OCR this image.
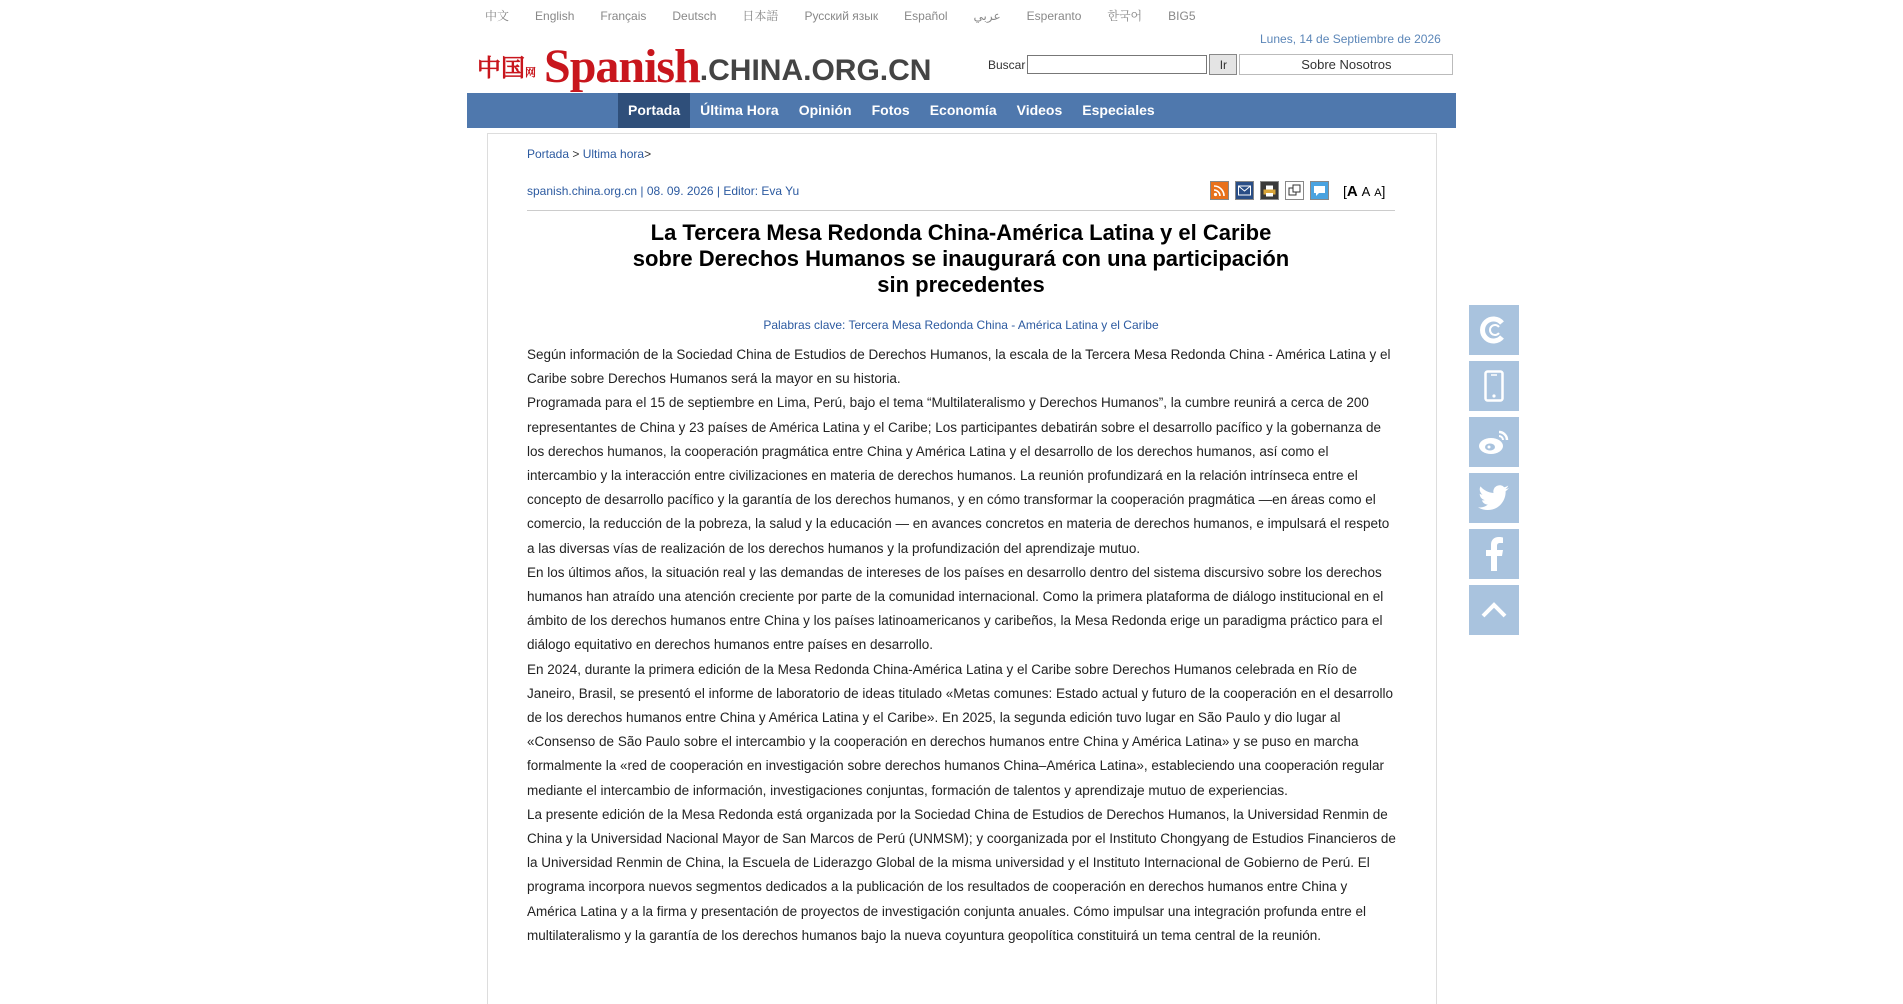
中文 English Français Deutsch 日本語 Русский язык Español عربي Esperanto 한국어 BIG5
Lunes, 14 de Septiembre de 2026
中国网 Spanish .CHINA.ORG.CN	Buscar	Ir	Sobre Nosotros
Portada	Última Hora	Opinión	Fotos	Economía	Videos	Especiales
Portada > Ultima hora>
spanish.china.org.cn | 08. 09. 2026 | Editor: Eva Yu	[A A A]
La Tercera Mesa Redonda China-América Latina y el Caribe
sobre Derechos Humanos se inaugurará con una participación
sin precedentes
Palabras clave: Tercera Mesa Redonda China - América Latina y el Caribe

Según información de la Sociedad China de Estudios de Derechos Humanos, la escala de la Tercera Mesa Redonda China - América Latina y el Caribe sobre Derechos Humanos será la mayor en su historia.

Programada para el 15 de septiembre en Lima, Perú, bajo el tema “Multilateralismo y Derechos Humanos”, la cumbre reunirá a cerca de 200 representantes de China y 23 países de América Latina y el Caribe; Los participantes debatirán sobre el desarrollo pacífico y la gobernanza de los derechos humanos, la cooperación pragmática entre China y América Latina y el desarrollo de los derechos humanos, así como el intercambio y la interacción entre civilizaciones en materia de derechos humanos. La reunión profundizará en la relación intrínseca entre el concepto de desarrollo pacífico y la garantía de los derechos humanos, y en cómo transformar la cooperación pragmática —en áreas como el comercio, la reducción de la pobreza, la salud y la educación — en avances concretos en materia de derechos humanos, e impulsará el respeto a las diversas vías de realización de los derechos humanos y la profundización del aprendizaje mutuo.

En los últimos años, la situación real y las demandas de intereses de los países en desarrollo dentro del sistema discursivo sobre los derechos humanos han atraído una atención creciente por parte de la comunidad internacional. Como la primera plataforma de diálogo institucional en el ámbito de los derechos humanos entre China y los países latinoamericanos y caribeños, la Mesa Redonda erige un paradigma práctico para el diálogo equitativo en derechos humanos entre países en desarrollo.

En 2024, durante la primera edición de la Mesa Redonda China-América Latina y el Caribe sobre Derechos Humanos celebrada en Río de Janeiro, Brasil, se presentó el informe de laboratorio de ideas titulado «Metas comunes: Estado actual y futuro de la cooperación en el desarrollo de los derechos humanos entre China y América Latina y el Caribe». En 2025, la segunda edición tuvo lugar en São Paulo y dio lugar al «Consenso de São Paulo sobre el intercambio y la cooperación en derechos humanos entre China y América Latina» y se puso en marcha formalmente la «red de cooperación en investigación sobre derechos humanos China–América Latina», estableciendo una cooperación regular mediante el intercambio de información, investigaciones conjuntas, formación de talentos y aprendizaje mutuo de experiencias.

La presente edición de la Mesa Redonda está organizada por la Sociedad China de Estudios de Derechos Humanos, la Universidad Renmin de China y la Universidad Nacional Mayor de San Marcos de Perú (UNMSM); y coorganizada por el Instituto Chongyang de Estudios Financieros de la Universidad Renmin de China, la Escuela de Liderazgo Global de la misma universidad y el Instituto Internacional de Gobierno de Perú. El programa incorpora nuevos segmentos dedicados a la publicación de los resultados de cooperación en derechos humanos entre China y América Latina y a la firma y presentación de proyectos de investigación conjunta anuales. Cómo impulsar una integración profunda entre el multilateralismo y la garantía de los derechos humanos bajo la nueva coyuntura geopolítica constituirá un tema central de la reunión.
